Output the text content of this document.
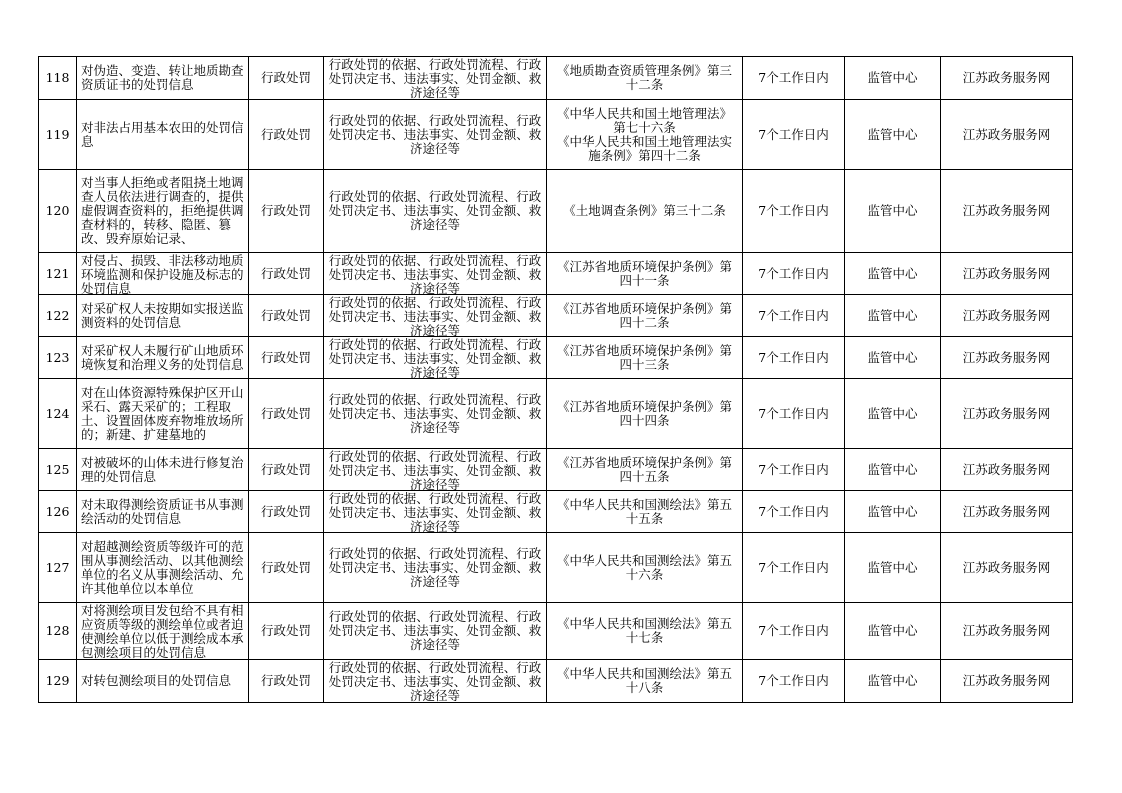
118	对伪造、变造、转让地质勘查资质证书的处罚信息	行政处罚	行政处罚的依据、行政处罚流程、行政处罚决定书、违法事实、处罚金额、救济途径等	《地质勘查资质管理条例》第三十二条	7个工作日内	监管中心	江苏政务服务网

119	对非法占用基本农田的处罚信息	行政处罚	行政处罚的依据、行政处罚流程、行政处罚决定书、违法事实、处罚金额、救济途径等	《中华人民共和国土地管理法》第七十六条
《中华人民共和国土地管理法实施条例》第四十二条	7个工作日内	监管中心	江苏政务服务网

120	对当事人拒绝或者阻挠土地调查人员依法进行调查的，提供虚假调查资料的，拒绝提供调查材料的，转移、隐匿、篡改、毁弃原始记录、	行政处罚	行政处罚的依据、行政处罚流程、行政处罚决定书、违法事实、处罚金额、救济途径等	《土地调查条例》第三十二条	7个工作日内	监管中心	江苏政务服务网

121	对侵占、损毁、非法移动地质环境监测和保护设施及标志的处罚信息	行政处罚	行政处罚的依据、行政处罚流程、行政处罚决定书、违法事实、处罚金额、救济途径等	《江苏省地质环境保护条例》第四十一条	7个工作日内	监管中心	江苏政务服务网

122	对采矿权人未按期如实报送监测资料的处罚信息	行政处罚	行政处罚的依据、行政处罚流程、行政处罚决定书、违法事实、处罚金额、救济途径等	《江苏省地质环境保护条例》第四十二条	7个工作日内	监管中心	江苏政务服务网

123	对采矿权人未履行矿山地质环境恢复和治理义务的处罚信息	行政处罚	行政处罚的依据、行政处罚流程、行政处罚决定书、违法事实、处罚金额、救济途径等	《江苏省地质环境保护条例》第四十三条	7个工作日内	监管中心	江苏政务服务网

124	对在山体资源特殊保护区开山采石、露天采矿的；工程取土、设置固体废弃物堆放场所的；新建、扩建墓地的	行政处罚	行政处罚的依据、行政处罚流程、行政处罚决定书、违法事实、处罚金额、救济途径等	《江苏省地质环境保护条例》第四十四条	7个工作日内	监管中心	江苏政务服务网

125	对被破坏的山体未进行修复治理的处罚信息	行政处罚	行政处罚的依据、行政处罚流程、行政处罚决定书、违法事实、处罚金额、救济途径等	《江苏省地质环境保护条例》第四十五条	7个工作日内	监管中心	江苏政务服务网

126	对未取得测绘资质证书从事测绘活动的处罚信息	行政处罚	行政处罚的依据、行政处罚流程、行政处罚决定书、违法事实、处罚金额、救济途径等	《中华人民共和国测绘法》第五十五条	7个工作日内	监管中心	江苏政务服务网

127	对超越测绘资质等级许可的范围从事测绘活动、以其他测绘单位的名义从事测绘活动、允许其他单位以本单位	行政处罚	行政处罚的依据、行政处罚流程、行政处罚决定书、违法事实、处罚金额、救济途径等	《中华人民共和国测绘法》第五十六条	7个工作日内	监管中心	江苏政务服务网

128	对将测绘项目发包给不具有相应资质等级的测绘单位或者迫使测绘单位以低于测绘成本承包测绘项目的处罚信息	行政处罚	行政处罚的依据、行政处罚流程、行政处罚决定书、违法事实、处罚金额、救济途径等	《中华人民共和国测绘法》第五十七条	7个工作日内	监管中心	江苏政务服务网

129	对转包测绘项目的处罚信息	行政处罚	行政处罚的依据、行政处罚流程、行政处罚决定书、违法事实、处罚金额、救济途径等	《中华人民共和国测绘法》第五十八条	7个工作日内	监管中心	江苏政务服务网
